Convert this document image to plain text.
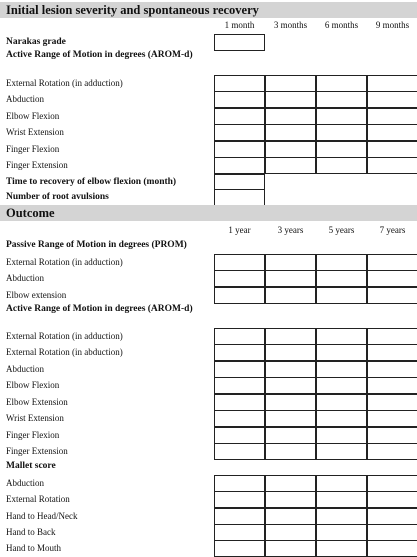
Initial lesion severity and spontaneous recovery
1 month	3 months	6 months	9 months
Narakas grade
Active Range of Motion in degrees (AROM-d)
External Rotation (in adduction)
Abduction
Elbow Flexion
Wrist Extension
Finger Flexion
Finger Extension
Time to recovery of elbow flexion (month)
Number of root avulsions
Outcome
1 year	3 years	5 years	7 years
Passive Range of Motion in degrees (PROM)
External Rotation (in adduction)
Abduction
Elbow extension
Active Range of Motion in degrees (AROM-d)
External Rotation (in adduction)
External Rotation (in abduction)
Abduction
Elbow Flexion
Elbow Extension
Wrist Extension
Finger Flexion
Finger Extension
Mallet score
Abduction
External Rotation
Hand to Head/Neck
Hand to Back
Hand to Mouth
